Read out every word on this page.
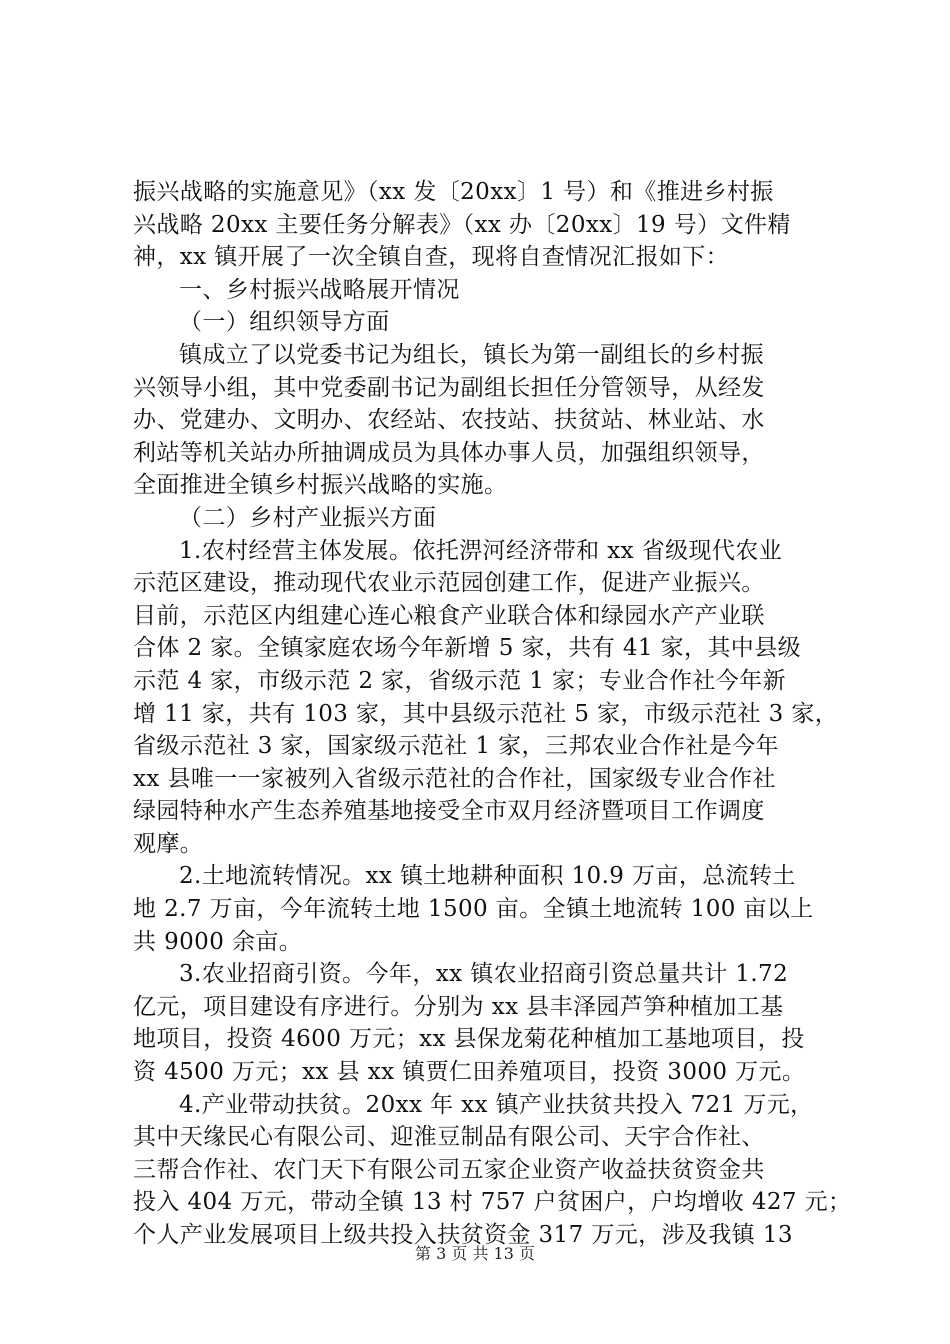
振兴战略的实施意见》（xx 发〔20xx〕1 号）和《推进乡村振
兴战略 20xx 主要任务分解表》（xx 办〔20xx〕19 号）文件精
神，xx 镇开展了一次全镇自查，现将自查情况汇报如下：
一、乡村振兴战略展开情况
（一）组织领导方面
镇成立了以党委书记为组长，镇长为第一副组长的乡村振
兴领导小组，其中党委副书记为副组长担任分管领导，从经发
办、党建办、文明办、农经站、农技站、扶贫站、林业站、水
利站等机关站办所抽调成员为具体办事人员，加强组织领导，
全面推进全镇乡村振兴战略的实施。
（二）乡村产业振兴方面
1.农村经营主体发展。依托淠河经济带和 xx 省级现代农业
示范区建设，推动现代农业示范园创建工作，促进产业振兴。
目前，示范区内组建心连心粮食产业联合体和绿园水产产业联
合体 2 家。全镇家庭农场今年新增 5 家，共有 41 家，其中县级
示范 4 家，市级示范 2 家，省级示范 1 家；专业合作社今年新
增 11 家，共有 103 家，其中县级示范社 5 家，市级示范社 3 家，
省级示范社 3 家，国家级示范社 1 家，三邦农业合作社是今年
xx 县唯一一家被列入省级示范社的合作社，国家级专业合作社
绿园特种水产生态养殖基地接受全市双月经济暨项目工作调度
观摩。
2.土地流转情况。xx 镇土地耕种面积 10.9 万亩，总流转土
地 2.7 万亩，今年流转土地 1500 亩。全镇土地流转 100 亩以上
共 9000 余亩。
3.农业招商引资。今年，xx 镇农业招商引资总量共计 1.72
亿元，项目建设有序进行。分别为 xx 县丰泽园芦笋种植加工基
地项目，投资 4600 万元；xx 县保龙菊花种植加工基地项目，投
资 4500 万元；xx 县 xx 镇贾仁田养殖项目，投资 3000 万元。
4.产业带动扶贫。20xx 年 xx 镇产业扶贫共投入 721 万元，
其中天缘民心有限公司、迎淮豆制品有限公司、天宇合作社、
三帮合作社、农门天下有限公司五家企业资产收益扶贫资金共
投入 404 万元，带动全镇 13 村 757 户贫困户，户均增收 427 元；
个人产业发展项目上级共投入扶贫资金 317 万元，涉及我镇 13
第 3 页 共 13 页
